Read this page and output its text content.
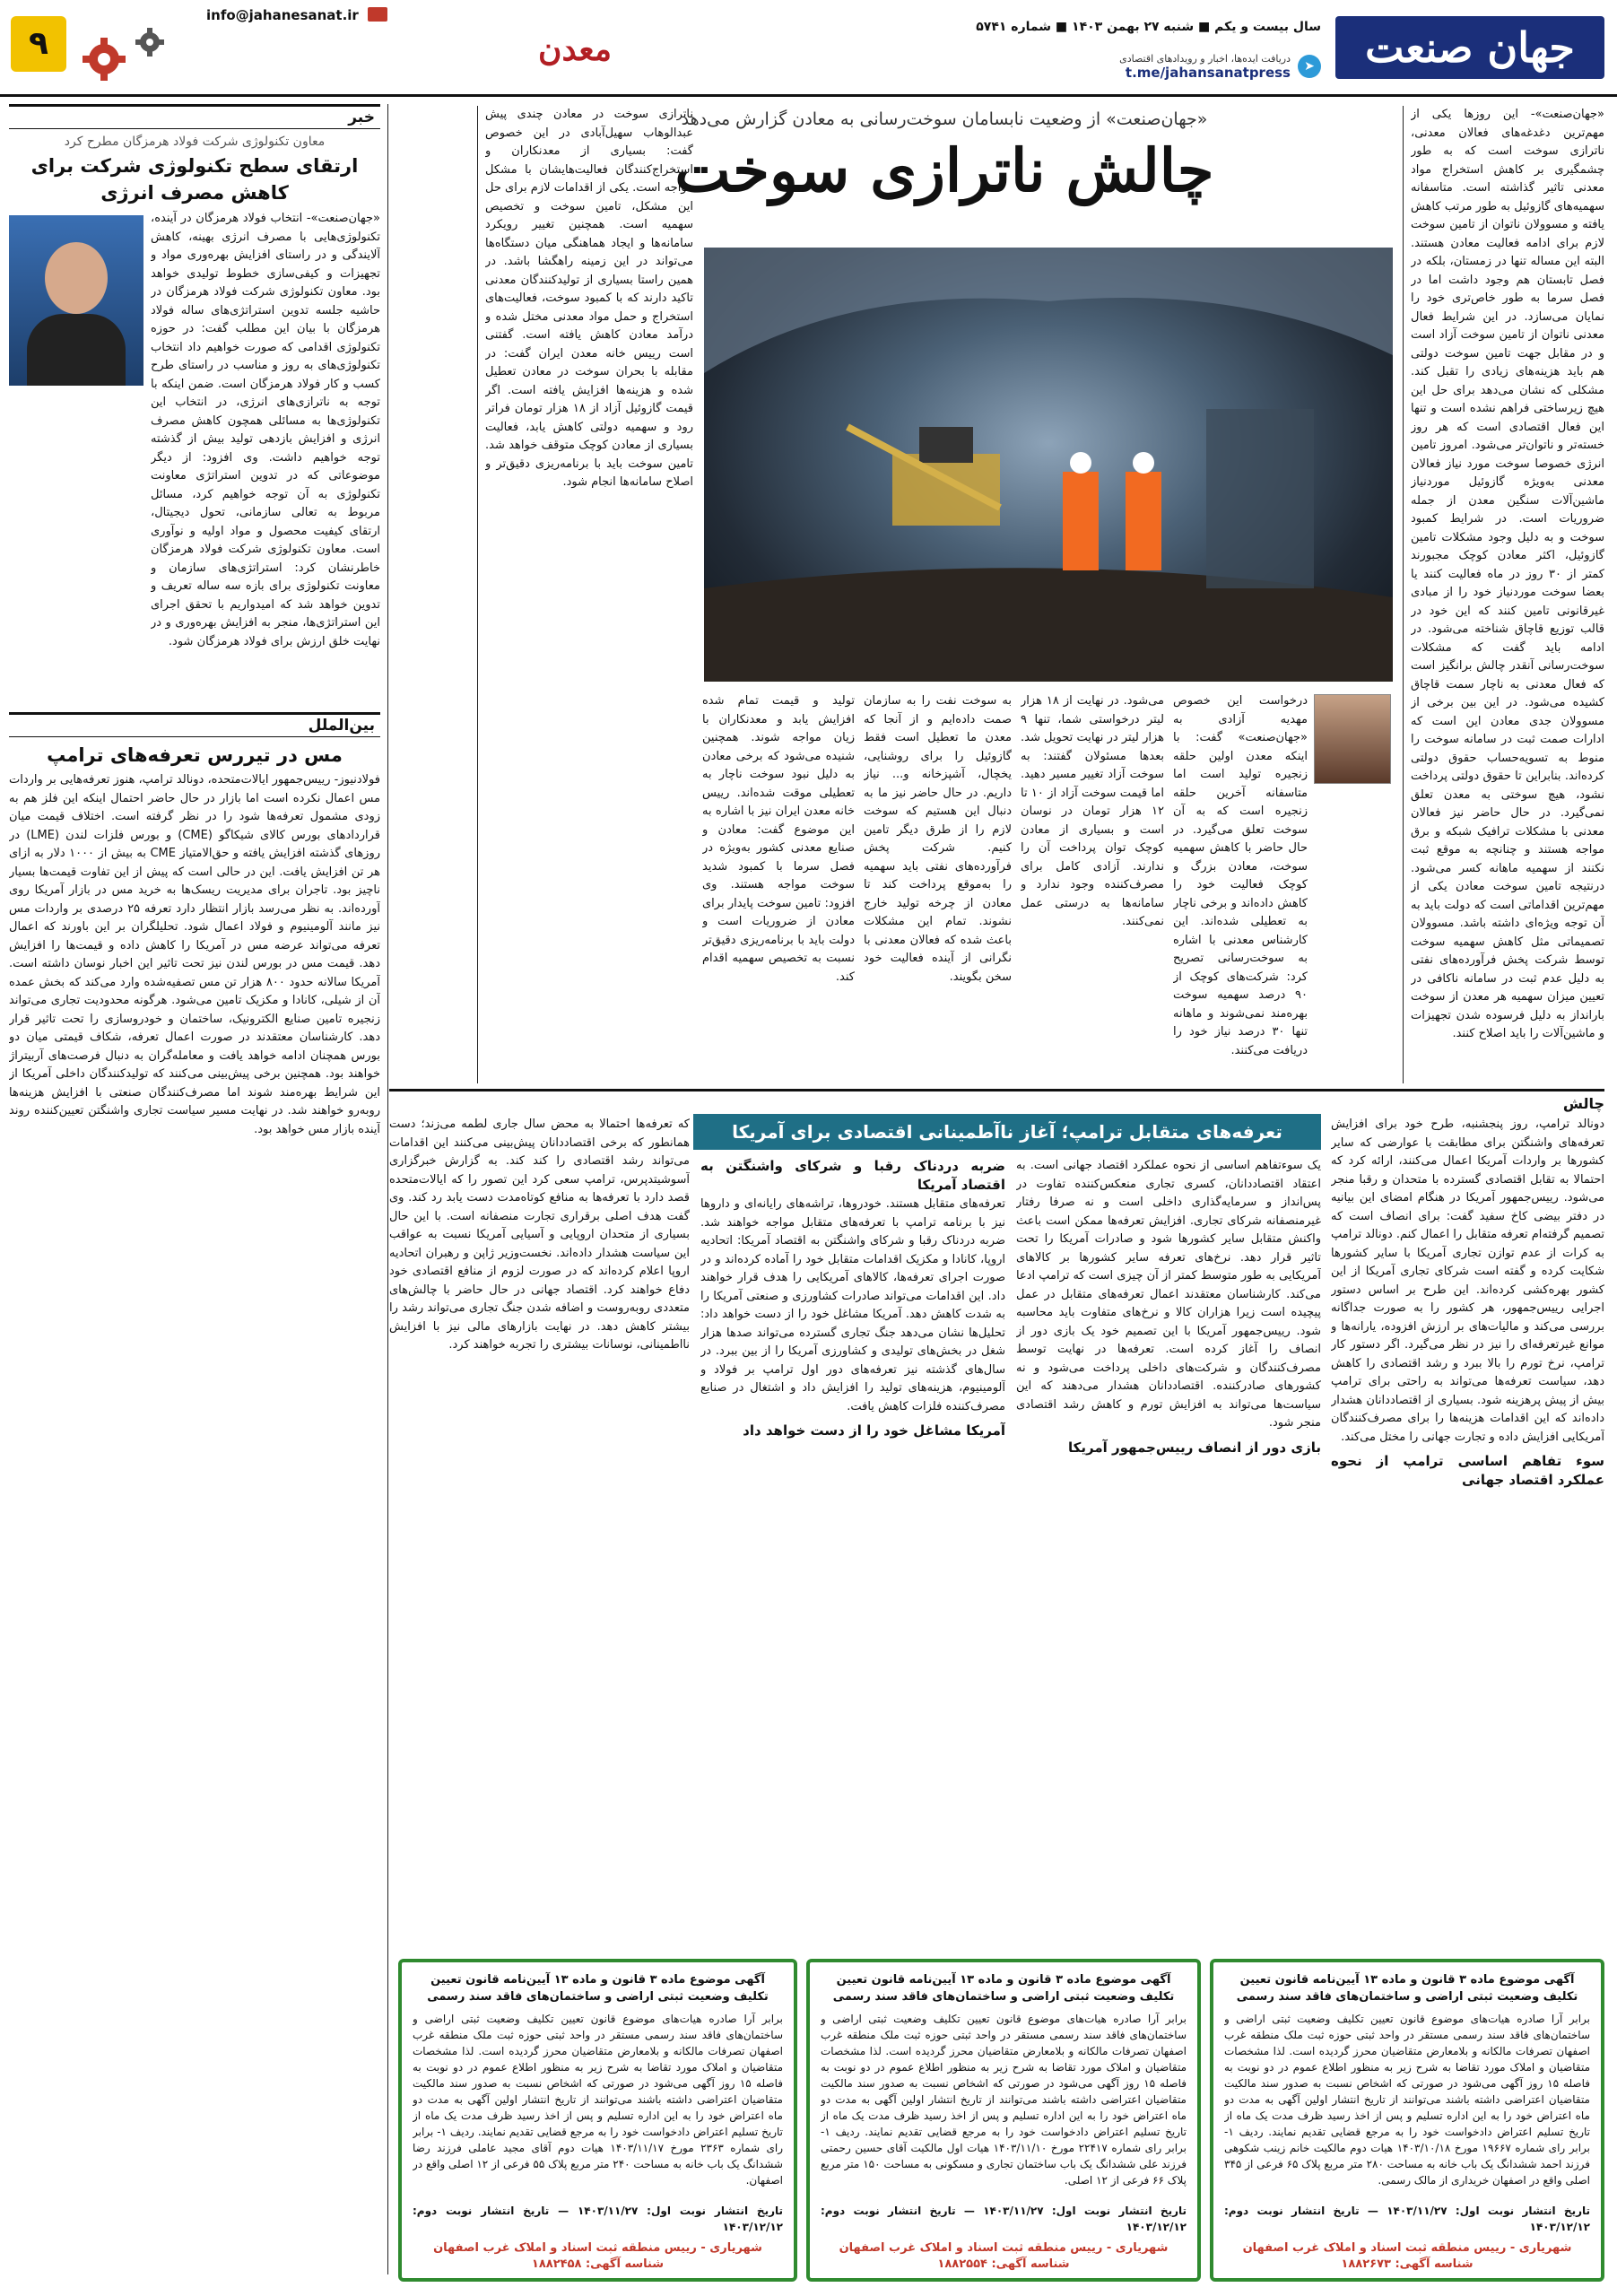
جهان صنعت
سال بیست و یکم ■ شنبه ۲۷ بهمن ۱۴۰۳ ■ شماره ۵۷۴۱
➤
دریافت ایده‌ها، اخبار و رویدادهای اقتصادی
t.me/jahansanatpress
معدن
info@jahanesanat.ir
۹

«جهان‌صنعت»- این روزها یکی از مهم‌ترین دغدغه‌های فعالان معدنی، ناترازی سوخت است که به طور چشمگیری بر کاهش استخراج مواد معدنی تاثیر گذاشته است. متاسفانه سهمیه‌های گازوئیل به طور مرتب کاهش یافته و مسوولان ناتوان از تامین سوخت لازم برای ادامه فعالیت معادن هستند. البته این مساله تنها در زمستان، بلکه در فصل تابستان هم وجود داشت اما در فصل سرما به طور خاص‌تری خود را نمایان می‌سازد. در این شرایط فعال معدنی ناتوان از تامین سوخت آزاد است و در مقابل جهت تامین سوخت دولتی هم باید هزینه‌های زیادی را تقبل کند. مشکلی که نشان می‌دهد برای حل این هیچ زیرساختی فراهم نشده است و تنها این فعال اقتصادی است که هر روز خسته‌تر و ناتوان‌تر می‌شود. امروز تامین انرژی خصوصا سوخت مورد نیاز فعالان معدنی به‌ویژه گازوئیل موردنیاز ماشین‌آلات سنگین معدن از جمله ضروریات است. در شرایط کمبود سوخت و به دلیل وجود مشکلات تامین گازوئیل، اکثر معادن کوچک مجبورند کمتر از ۳۰ روز در ماه فعالیت کنند یا بعضا سوخت موردنیاز خود را از مبادی غیرقانونی تامین کنند که این خود در قالب توزیع قاچاق شناخته می‌شود. در ادامه باید گفت که مشکلات سوخت‌رسانی آنقدر چالش برانگیز است که فعال معدنی به ناچار سمت قاچاق کشیده می‌شود. در این بین برخی از مسوولان جدی معادن این است که ادارات صمت ثبت در سامانه سوخت را منوط به تسویه‌حساب حقوق دولتی کرده‌اند. بنابراین تا حقوق دولتی پرداخت نشود، هیچ سوختی به معدن تعلق نمی‌گیرد. در حال حاضر نیز فعالان معدنی با مشکلات ترافیک شبکه و برق مواجه هستند و چنانچه به موقع ثبت نکنند از سهمیه ماهانه کسر می‌شود. درنتیجه تامین سوخت معادن یکی از مهم‌ترین اقداماتی است که دولت باید به آن توجه ویژه‌ای داشته باشد. مسوولان تصمیماتی مثل کاهش سهمیه سوخت توسط شرکت پخش فرآورده‌های نفتی به دلیل عدم ثبت در سامانه ناکافی در تعیین میزان سهمیه هر معدن از سوخت بارانداز به دلیل فرسوده شدن تجهیزات و ماشین‌آلات را باید اصلاح کنند.

«جهان‌صنعت» از وضعیت نابسامان سوخت‌رسانی به معادن گزارش می‌دهد
چالش ناترازی سوخت

ناترازی سوخت در معادن چندی پیش عبدالوهاب سهیل‌آبادی در این خصوص گفت: بسیاری از معدنکاران و استخراج‌کنندگان فعالیت‌هایشان با مشکل مواجه است. یکی از اقدامات لازم برای حل این مشکل، تامین سوخت و تخصیص سهمیه است. همچنین تغییر رویکرد سامانه‌ها و ایجاد هماهنگی میان دستگاه‌ها می‌تواند در این زمینه راهگشا باشد. در همین راستا بسیاری از تولیدکنندگان معدنی تاکید دارند که با کمبود سوخت، فعالیت‌های استخراج و حمل مواد معدنی مختل شده و درآمد معادن کاهش یافته است. گفتنی است رییس خانه معدن ایران گفت: در مقابله با بحران سوخت در معادن تعطیل شده و هزینه‌ها افزایش یافته است. اگر قیمت گازوئیل آزاد از ۱۸ هزار تومان فراتر رود و سهمیه دولتی کاهش یابد، فعالیت بسیاری از معادن کوچک متوقف خواهد شد. تامین سوخت باید با برنامه‌ریزی دقیق‌تر و اصلاح سامانه‌ها انجام شود.

درخواست این خصوص مهدیه آزادی به «جهان‌صنعت» گفت: با اینکه معدن اولین حلقه زنجیره تولید است اما متاسفانه آخرین حلقه زنجیره است که به آن سوخت تعلق می‌گیرد. در حال حاضر با کاهش سهمیه سوخت، معادن بزرگ و کوچک فعالیت خود را کاهش داده‌اند و برخی ناچار به تعطیلی شده‌اند. این کارشناس معدنی با اشاره به سوخت‌رسانی تصریح کرد: شرکت‌های کوچک از ۹۰ درصد سهمیه سوخت بهره‌مند نمی‌شوند و ماهانه تنها ۳۰ درصد نیاز خود را دریافت می‌کنند.

می‌شود. در نهایت از ۱۸ هزار لیتر درخواستی شما، تنها ۹ هزار لیتر در نهایت تحویل شد. بعدها مسئولان گفتند: به سوخت آزاد تغییر مسیر دهید. اما قیمت سوخت آزاد از ۱۰ تا ۱۲ هزار تومان در نوسان است و بسیاری از معادن کوچک توان پرداخت آن را ندارند. آزادی کامل برای مصرف‌کننده وجود ندارد و سامانه‌ها به درستی عمل نمی‌کنند.

به سوخت نفت را به سازمان صمت داده‌ایم و از آنجا که معدن ما تعطیل است فقط گازوئیل را برای روشنایی، یخچال، آشپزخانه و... نیاز داریم. در حال حاضر نیز ما به دنبال این هستیم که سوخت لازم را از طرق دیگر تامین کنیم. شرکت پخش فرآورده‌های نفتی باید سهمیه را به‌موقع پرداخت کند تا معادن از چرخه تولید خارج نشوند. تمام این مشکلات باعث شده که فعالان معدنی با نگرانی از آینده فعالیت خود سخن بگویند.

تولید و قیمت تمام شده افزایش یابد و معدنکاران با زیان مواجه شوند. همچنین شنیده می‌شود که برخی معادن به دلیل نبود سوخت ناچار به تعطیلی موقت شده‌اند. رییس خانه معدن ایران نیز با اشاره به این موضوع گفت: معادن و صنایع معدنی کشور به‌ویژه در فصل سرما با کمبود شدید سوخت مواجه هستند. وی افزود: تامین سوخت پایدار برای معادن از ضروریات است و دولت باید با برنامه‌ریزی دقیق‌تر نسبت به تخصیص سهمیه اقدام کند.

خبر
معاون تکنولوژی شرکت فولاد هرمزگان مطرح کرد
ارتقای سطح تکنولوژی شرکت برای کاهش مصرف انرژی
«جهان‌صنعت»- انتخاب فولاد هرمزگان در آینده، تکنولوژی‌هایی با مصرف انرژی بهینه، کاهش آلایندگی و در راستای افزایش بهره‌وری مواد و تجهیزات و کیفی‌سازی خطوط تولیدی خواهد بود. معاون تکنولوژی شرکت فولاد هرمزگان در حاشیه جلسه تدوین استراتژی‌های ساله فولاد هرمزگان با بیان این مطلب گفت: در حوزه تکنولوژی اقدامی که صورت خواهیم داد انتخاب تکنولوژی‌های به روز و مناسب در راستای طرح کسب و کار فولاد هرمزگان است. ضمن اینکه با توجه به ناترازی‌های انرژی، در انتخاب این تکنولوژی‌ها به مسائلی همچون کاهش مصرف انرژی و افزایش بازدهی تولید بیش از گذشته توجه خواهیم داشت. وی افزود: از دیگر موضوعاتی که در تدوین استراتژی معاونت تکنولوژی به آن توجه خواهیم کرد، مسائل مربوط به تعالی سازمانی، تحول دیجیتال، ارتقای کیفیت محصول و مواد اولیه و نوآوری است. معاون تکنولوژی شرکت فولاد هرمزگان خاطرنشان کرد: استراتژی‌های سازمان و معاونت تکنولوژی برای بازه سه ساله تعریف و تدوین خواهد شد که امیدواریم با تحقق اجرای این استراتژی‌ها، منجر به افزایش بهره‌وری و در نهایت خلق ارزش برای فولاد هرمزگان شود.
بین‌الملل
مس در تیررس تعرفه‌های ترامپ
فولادنیوز- رییس‌جمهور ایالات‌متحده، دونالد ترامپ، هنوز تعرفه‌هایی بر واردات مس اعمال نکرده است اما بازار در حال حاضر احتمال اینکه این فلز هم به زودی مشمول تعرفه‌ها شود را در نظر گرفته است. اختلاف قیمت میان قراردادهای بورس کالای شیکاگو (CME) و بورس فلزات لندن (LME) در روزهای گذشته افزایش یافته و حق‌الامتیاز CME به بیش از ۱۰۰۰ دلار به ازای هر تن افزایش یافت. این در حالی است که پیش از این تفاوت قیمت‌ها بسیار ناچیز بود. تاجران برای مدیریت ریسک‌ها به خرید مس در بازار آمریکا روی آورده‌اند. به نظر می‌رسد بازار انتظار دارد تعرفه ۲۵ درصدی بر واردات مس نیز مانند آلومینیوم و فولاد اعمال شود. تحلیلگران بر این باورند که اعمال تعرفه می‌تواند عرضه مس در آمریکا را کاهش داده و قیمت‌ها را افزایش دهد. قیمت مس در بورس لندن نیز تحت تاثیر این اخبار نوسان داشته است. آمریکا سالانه حدود ۸۰۰ هزار تن مس تصفیه‌شده وارد می‌کند که بخش عمده آن از شیلی، کانادا و مکزیک تامین می‌شود. هرگونه محدودیت تجاری می‌تواند زنجیره تامین صنایع الکترونیک، ساختمان و خودروسازی را تحت تاثیر قرار دهد. کارشناسان معتقدند در صورت اعمال تعرفه، شکاف قیمتی میان دو بورس همچنان ادامه خواهد یافت و معامله‌گران به دنبال فرصت‌های آربیتراژ خواهند بود. همچنین برخی پیش‌بینی می‌کنند که تولیدکنندگان داخلی آمریکا از این شرایط بهره‌مند شوند اما مصرف‌کنندگان صنعتی با افزایش هزینه‌ها روبه‌رو خواهند شد. در نهایت مسیر سیاست تجاری واشنگتن تعیین‌کننده روند آینده بازار مس خواهد بود.
چالش
تعرفه‌های متقابل ترامپ؛ آغاز ناآطمینانی اقتصادی برای آمریکا	دونالد ترامپ، روز پنجشنبه، طرح خود برای افزایش تعرفه‌های واشنگتن برای مطابقت با عوارضی که سایر کشورها بر واردات آمریکا اعمال می‌کنند، ارائه کرد که احتمالا به تقابل اقتصادی گسترده با متحدان و رقبا منجر می‌شود. رییس‌جمهور آمریکا در هنگام امضای این بیانیه در دفتر بیضی کاخ سفید گفت: برای انصاف است که تصمیم گرفته‌ام تعرفه متقابل را اعمال کنم. دونالد ترامپ به کرات از عدم توازن تجاری آمریکا با سایر کشورها شکایت کرده و گفته است شرکای تجاری آمریکا از این کشور بهره‌کشی کرده‌اند. این طرح بر اساس دستور اجرایی رییس‌جمهور، هر کشور را به صورت جداگانه بررسی می‌کند و مالیات‌های بر ارزش افزوده، یارانه‌ها و موانع غیرتعرفه‌ای را نیز در نظر می‌گیرد. اگر دستور کار ترامپ، نرخ تورم را بالا ببرد و رشد اقتصادی را کاهش دهد، سیاست تعرفه‌ها می‌تواند به راحتی برای ترامپ بیش از پیش پرهزینه شود. بسیاری از اقتصاددانان هشدار داده‌اند که این اقدامات هزینه‌ها را برای مصرف‌کنندگان آمریکایی افزایش داده و تجارت جهانی را مختل می‌کند.

سوء تفاهم اساسی ترامپ از نحوه عملکرد اقتصاد جهانی

یک سوء‌تفاهم اساسی از نحوه عملکرد اقتصاد جهانی است. به اعتقاد اقتصاددانان، کسری تجاری منعکس‌کننده تفاوت در پس‌انداز و سرمایه‌گذاری داخلی است و نه صرفا رفتار غیرمنصفانه شرکای تجاری. افزایش تعرفه‌ها ممکن است باعث واکنش متقابل سایر کشورها شود و صادرات آمریکا را تحت تاثیر قرار دهد. نرخ‌های تعرفه سایر کشورها بر کالاهای آمریکایی به طور متوسط کمتر از آن چیزی است که ترامپ ادعا می‌کند. کارشناسان معتقدند اعمال تعرفه‌های متقابل در عمل پیچیده است زیرا هزاران کالا و نرخ‌های متفاوت باید محاسبه شود. رییس‌جمهور آمریکا با این تصمیم خود یک بازی دور از انصاف را آغاز کرده است. تعرفه‌ها در نهایت توسط مصرف‌کنندگان و شرکت‌های داخلی پرداخت می‌شود و نه کشورهای صادرکننده. اقتصاددانان هشدار می‌دهند که این سیاست‌ها می‌تواند به افزایش تورم و کاهش رشد اقتصادی منجر شود.

بازی دور از انصاف رییس‌جمهور آمریکا

ضربه دردناک رقبا و شرکای واشنگتن به اقتصاد آمریکا

تعرفه‌های متقابل هستند. خودروها، تراشه‌های رایانه‌ای و داروها نیز با برنامه ترامپ با تعرفه‌های متقابل مواجه خواهند شد. ضربه دردناک رقبا و شرکای واشنگتن به اقتصاد آمریکا: اتحادیه اروپا، کانادا و مکزیک اقدامات متقابل خود را آماده کرده‌اند و در صورت اجرای تعرفه‌ها، کالاهای آمریکایی را هدف قرار خواهند داد. این اقدامات می‌تواند صادرات کشاورزی و صنعتی آمریکا را به شدت کاهش دهد. آمریکا مشاغل خود را از دست خواهد داد: تحلیل‌ها نشان می‌دهد جنگ تجاری گسترده می‌تواند صدها هزار شغل در بخش‌های تولیدی و کشاورزی آمریکا را از بین ببرد. در سال‌های گذشته نیز تعرفه‌های دور اول ترامپ بر فولاد و آلومینیوم، هزینه‌های تولید را افزایش داد و اشتغال در صنایع مصرف‌کننده فلزات کاهش یافت.

آمریکا مشاغل خود را از دست خواهد داد

که تعرفه‌ها احتمالا به محض سال جاری لطمه می‌زند؛ دست همانطور که برخی اقتصاددانان پیش‌بینی می‌کنند این اقدامات می‌تواند رشد اقتصادی را کند کند. به گزارش خبرگزاری آسوشیتدپرس، ترامپ سعی کرد این تصور را که ایالات‌متحده قصد دارد با تعرفه‌ها به منافع کوتاه‌مدت دست یابد رد کند. وی گفت هدف اصلی برقراری تجارت منصفانه است. با این حال بسیاری از متحدان اروپایی و آسیایی آمریکا نسبت به عواقب این سیاست هشدار داده‌اند. نخست‌وزیر ژاپن و رهبران اتحادیه اروپا اعلام کرده‌اند که در صورت لزوم از منافع اقتصادی خود دفاع خواهند کرد. اقتصاد جهانی در حال حاضر با چالش‌های متعددی روبه‌روست و اضافه شدن جنگ تجاری می‌تواند رشد را بیشتر کاهش دهد. در نهایت بازارهای مالی نیز با افزایش نااطمینانی، نوسانات بیشتری را تجربه خواهند کرد.

آگهی موضوع ماده ۳ قانون و ماده ۱۳ آیین‌نامه قانون تعیین تکلیف وضعیت ثبتی اراضی و ساختمان‌های فاقد سند رسمی
برابر آرا صادره هیات‌های موضوع قانون تعیین تکلیف وضعیت ثبتی اراضی و ساختمان‌های فاقد سند رسمی مستقر در واحد ثبتی حوزه ثبت ملک منطقه غرب اصفهان تصرفات مالکانه و بلامعارض متقاضیان محرز گردیده است. لذا مشخصات متقاضیان و املاک مورد تقاضا به شرح زیر به منظور اطلاع عموم در دو نوبت به فاصله ۱۵ روز آگهی می‌شود در صورتی که اشخاص نسبت به صدور سند مالکیت متقاضیان اعتراضی داشته باشند می‌توانند از تاریخ انتشار اولین آگهی به مدت دو ماه اعتراض خود را به این اداره تسلیم و پس از اخذ رسید ظرف مدت یک ماه از تاریخ تسلیم اعتراض دادخواست خود را به مرجع قضایی تقدیم نمایند. ردیف ۱- برابر رای شماره ۱۹۶۶۷ مورخ ۱۴۰۳/۱۰/۱۸ هیات دوم مالکیت خانم زینب شکوهی فرزند احمد ششدانگ یک باب خانه به مساحت ۲۸۰ متر مربع پلاک ۶۵ فرعی از ۳۴۵ اصلی واقع در اصفهان خریداری از مالک رسمی.
تاریخ انتشار نوبت اول: ۱۴۰۳/۱۱/۲۷ — تاریخ انتشار نوبت دوم: ۱۴۰۳/۱۲/۱۲
شهریاری - رییس منطقه ثبت اسناد و املاک غرب اصفهان
شناسه آگهی: ۱۸۸۲۶۷۳
آگهی موضوع ماده ۳ قانون و ماده ۱۳ آیین‌نامه قانون تعیین تکلیف وضعیت ثبتی اراضی و ساختمان‌های فاقد سند رسمی
برابر آرا صادره هیات‌های موضوع قانون تعیین تکلیف وضعیت ثبتی اراضی و ساختمان‌های فاقد سند رسمی مستقر در واحد ثبتی حوزه ثبت ملک منطقه غرب اصفهان تصرفات مالکانه و بلامعارض متقاضیان محرز گردیده است. لذا مشخصات متقاضیان و املاک مورد تقاضا به شرح زیر به منظور اطلاع عموم در دو نوبت به فاصله ۱۵ روز آگهی می‌شود در صورتی که اشخاص نسبت به صدور سند مالکیت متقاضیان اعتراضی داشته باشند می‌توانند از تاریخ انتشار اولین آگهی به مدت دو ماه اعتراض خود را به این اداره تسلیم و پس از اخذ رسید ظرف مدت یک ماه از تاریخ تسلیم اعتراض دادخواست خود را به مرجع قضایی تقدیم نمایند. ردیف ۱- برابر رای شماره ۲۲۴۱۷ مورخ ۱۴۰۳/۱۱/۱۰ هیات اول مالکیت آقای حسین رحمتی فرزند علی ششدانگ یک باب ساختمان تجاری و مسکونی به مساحت ۱۵۰ متر مربع پلاک ۶۶ فرعی از ۱۲ اصلی.
تاریخ انتشار نوبت اول: ۱۴۰۳/۱۱/۲۷ — تاریخ انتشار نوبت دوم: ۱۴۰۳/۱۲/۱۲
شهریاری - رییس منطقه ثبت اسناد و املاک غرب اصفهان
شناسه آگهی: ۱۸۸۲۵۵۴
آگهی موضوع ماده ۳ قانون و ماده ۱۳ آیین‌نامه قانون تعیین تکلیف وضعیت ثبتی اراضی و ساختمان‌های فاقد سند رسمی
برابر آرا صادره هیات‌های موضوع قانون تعیین تکلیف وضعیت ثبتی اراضی و ساختمان‌های فاقد سند رسمی مستقر در واحد ثبتی حوزه ثبت ملک منطقه غرب اصفهان تصرفات مالکانه و بلامعارض متقاضیان محرز گردیده است. لذا مشخصات متقاضیان و املاک مورد تقاضا به شرح زیر به منظور اطلاع عموم در دو نوبت به فاصله ۱۵ روز آگهی می‌شود در صورتی که اشخاص نسبت به صدور سند مالکیت متقاضیان اعتراضی داشته باشند می‌توانند از تاریخ انتشار اولین آگهی به مدت دو ماه اعتراض خود را به این اداره تسلیم و پس از اخذ رسید ظرف مدت یک ماه از تاریخ تسلیم اعتراض دادخواست خود را به مرجع قضایی تقدیم نمایند. ردیف ۱- برابر رای شماره ۲۳۶۳ مورخ ۱۴۰۳/۱۱/۱۷ هیات دوم آقای مجید عاملی فرزند رضا ششدانگ یک باب خانه به مساحت ۲۴۰ متر مربع پلاک ۵۵ فرعی از ۱۲ اصلی واقع در اصفهان.
تاریخ انتشار نوبت اول: ۱۴۰۳/۱۱/۲۷ — تاریخ انتشار نوبت دوم: ۱۴۰۳/۱۲/۱۲
شهریاری - رییس منطقه ثبت اسناد و املاک غرب اصفهان
شناسه آگهی: ۱۸۸۲۴۵۸
